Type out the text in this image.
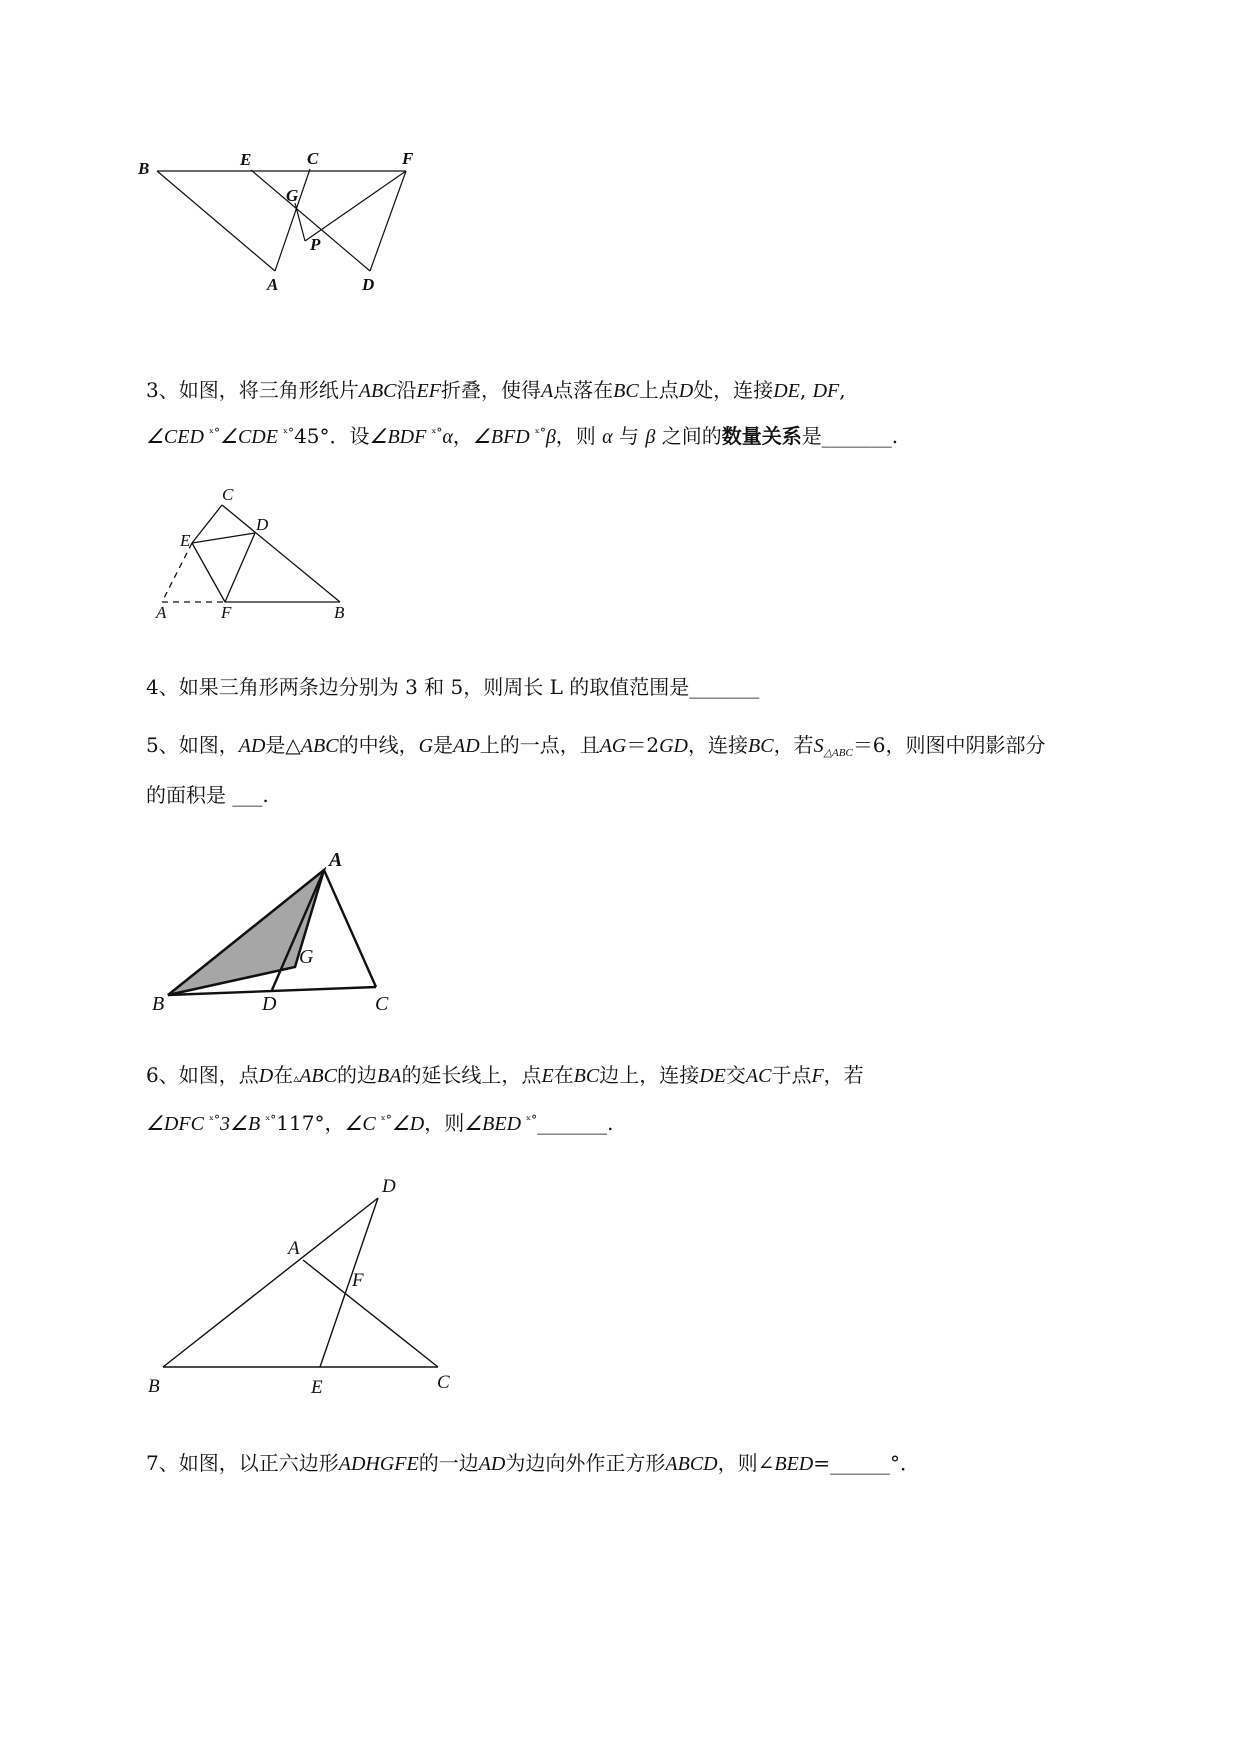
B	E	C	F
G
P
A	D
3、如图，将三角形纸片ABC沿EF折叠，使得A点落在BC上点D处，连接DE, DF,
∠CED $^{ˣ^\circ}$∠CDE $^{ˣ^\circ}$45°．设∠BDF $^{ˣ^\circ}$α，∠BFD $^{ˣ^\circ}$β，则 α 与 β 之间的数量关系是_______.
C
D
E
A	F	B
4、如果三角形两条边分别为 3 和 5，则周长 L 的取值范围是_______
5、如图，AD是△ABC的中线，G是AD上的一点，且AG＝2GD，连接BC，若$S_{\triangle ABC}=6$，则图中阴影部分
的面积是 ___.
A
G
B	D	C
6、如图，点D在▵ABC的边BA的延长线上，点E在BC边上，连接DE交AC于点F，若
∠DFC $^{ˣ^\circ}$3∠B $^{ˣ^\circ}$117°，∠C $^{ˣ^\circ}$∠D，则∠BED $^{ˣ^\circ}$_______.
D
A
F
B	E	C
7、如图，以正六边形ADHGFE的一边AD为边向外作正方形ABCD，则∠BED=______°．
